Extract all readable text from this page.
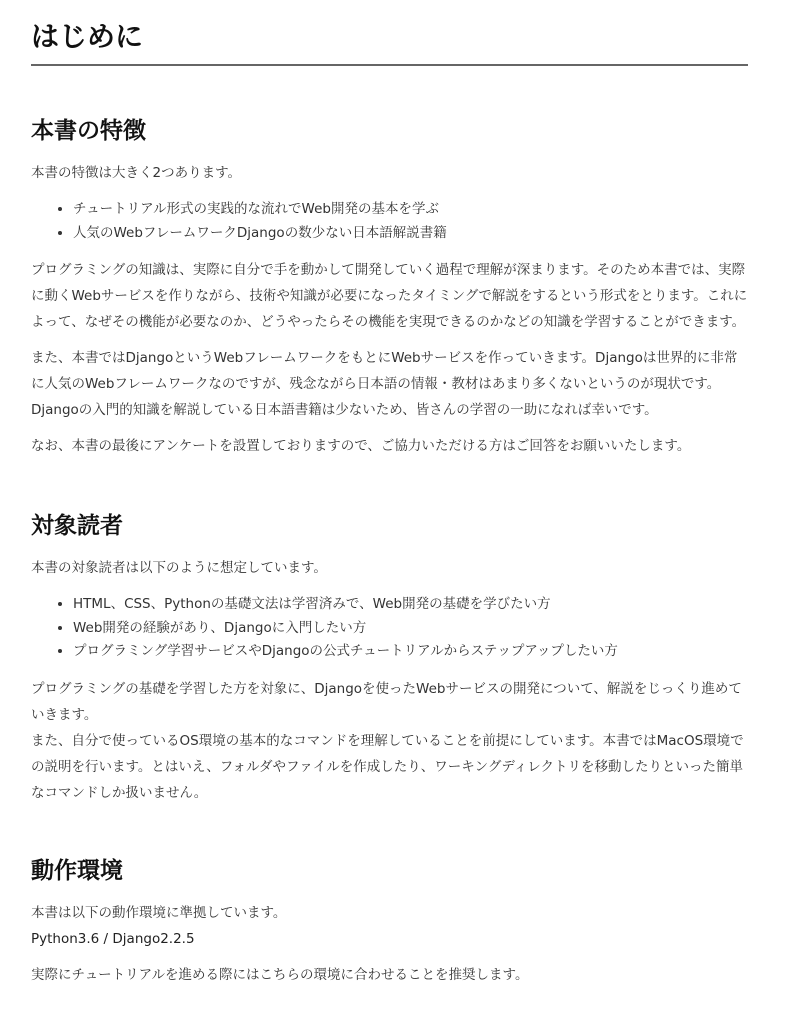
はじめに
本書の特徴

本書の特徴は大きく2つあります。

• チュートリアル形式の実践的な流れでWeb開発の基本を学ぶ
• 人気のWebフレームワークDjangoの数少ない日本語解説書籍

プログラミングの知識は、実際に自分で手を動かして開発していく過程で理解が深まります。そのため本書では、実際に動くWebサービスを作りながら、技術や知識が必要になったタイミングで解説をするという形式をとります。これによって、なぜその機能が必要なのか、どうやったらその機能を実現できるのかなどの知識を学習することができます。

また、本書ではDjangoというWebフレームワークをもとにWebサービスを作っていきます。Djangoは世界的に非常に人気のWebフレームワークなのですが、残念ながら日本語の情報・教材はあまり多くないというのが現状です。Djangoの入門的知識を解説している日本語書籍は少ないため、皆さんの学習の一助になれば幸いです。

なお、本書の最後にアンケートを設置しておりますので、ご協力いただける方はご回答をお願いいたします。

対象読者

本書の対象読者は以下のように想定しています。

• HTML、CSS、Pythonの基礎文法は学習済みで、Web開発の基礎を学びたい方
• Web開発の経験があり、Djangoに入門したい方
• プログラミング学習サービスやDjangoの公式チュートリアルからステップアップしたい方

プログラミングの基礎を学習した方を対象に、Djangoを使ったWebサービスの開発について、解説をじっくり進めていきます。
また、自分で使っているOS環境の基本的なコマンドを理解していることを前提にしています。本書ではMacOS環境での説明を行います。とはいえ、フォルダやファイルを作成したり、ワーキングディレクトリを移動したりといった簡単なコマンドしか扱いません。

動作環境

本書は以下の動作環境に準拠しています。

Python3.6 / Django2.2.5

実際にチュートリアルを進める際にはこちらの環境に合わせることを推奨します。
